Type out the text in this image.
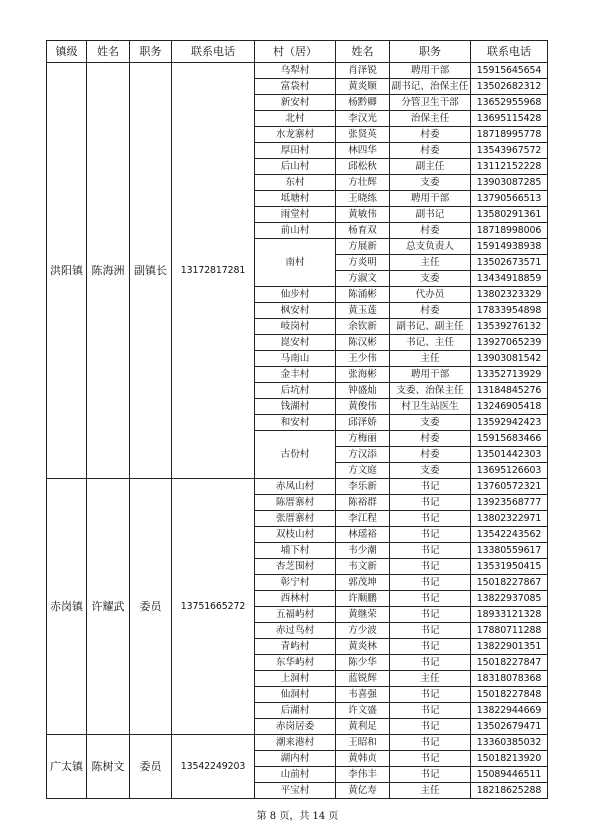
镇级	姓名	职务	联系电话	村（居）	姓名	职务	联系电话
洪阳镇	陈海洲	副镇长	13172817281	乌犁村	肖泽锐	聘用干部	15915645654
				富袋村	黄炎顺	副书记、治保主任	13502682312
				新安村	杨黔卿	分管卫生干部	13652955968
				北村	李汉光	治保主任	13695115428
				水龙寨村	张贤英	村委	18718995778
				厚田村	林四华	村委	13543967572
				后山村	邱松秋	副主任	13112152228
				东村	方壮辉	支委	13903087285
				坻塘村	王晓练	聘用干部	13790566513
				雨堂村	黄敏伟	副书记	13580291361
				前山村	杨育双	村委	18718998006
				南村	方展新	总支负责人	15914938938
					方炎明	主任	13502673571
					方淑文	支委	13434918859
				仙步村	陈涌彬	代办员	13802323329
				枫安村	黄玉莲	村委	17833954898
				岐岗村	余钦新	副书记、副主任	13539276132
				崑安村	陈汉彬	书记、主任	13927065239
				马南山	王少伟	主任	13903081542
				金丰村	张海彬	聘用干部	13352713929
				后坑村	钟盛灿	支委、治保主任	13184845276
				钱湖村	黄俊伟	村卫生站医生	13246905418
				和安村	邱泽娇	支委	13592942423
				古份村	方梅丽	村委	15915683466
					方汉添	村委	13501442303
					方文庭	支委	13695126603
赤岗镇	许耀武	委员	13751665272	赤凤山村	李乐新	书记	13760572321
				陈厝寨村	陈裕群	书记	13923568777
				张厝寨村	李江程	书记	13802322971
				双枝山村	林瑶裕	书记	13542243562
				埔下村	韦少潮	书记	13380559617
				杏芝围村	韦文新	书记	13531950415
				彰宁村	郭茂坤	书记	15018227867
				西林村	许顺鹏	书记	13822937085
				五福屿村	黄继荣	书记	18933121328
				赤过鸟村	方少波	书记	17880711288
				青屿村	黄炎林	书记	13822901351
				东华屿村	陈少华	书记	15018227847
				上洞村	蓝锐辉	主任	18318078368
				仙洞村	韦喜强	书记	15018227848
				后湖村	许文盛	书记	13822944669
				赤岗居委	黄利足	书记	13502679471
广太镇	陈树文	委员	13542249203	潮来港村	王昭和	书记	13360385032
				湖内村	黄韩贞	书记	15018213920
				山前村	李伟丰	书记	15089446511
				平宝村	黄亿寿	主任	18218625288
第 8 页，共 14 页
